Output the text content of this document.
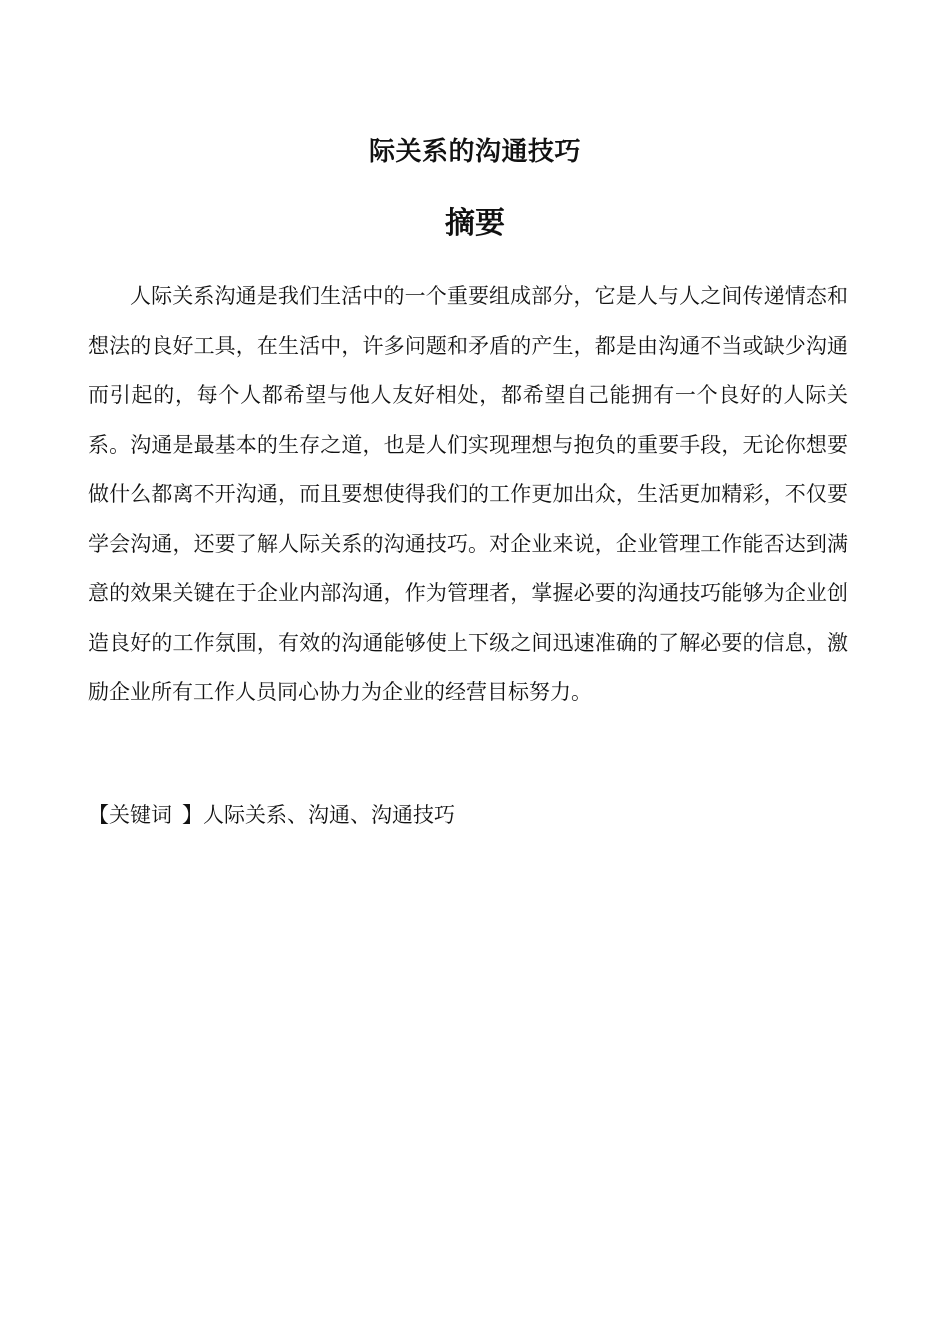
际关系的沟通技巧
摘要

人际关系沟通是我们生活中的一个重要组成部分，它是人与人之间传递情态和想法的良好工具，在生活中，许多问题和矛盾的产生，都是由沟通不当或缺少沟通而引起的，每个人都希望与他人友好相处，都希望自己能拥有一个良好的人际关系。沟通是最基本的生存之道，也是人们实现理想与抱负的重要手段，无论你想要做什么都离不开沟通，而且要想使得我们的工作更加出众，生活更加精彩，不仅要学会沟通，还要了解人际关系的沟通技巧。对企业来说，企业管理工作能否达到满意的效果关键在于企业内部沟通，作为管理者，掌握必要的沟通技巧能够为企业创造良好的工作氛围，有效的沟通能够使上下级之间迅速准确的了解必要的信息，激励企业所有工作人员同心协力为企业的经营目标努力。

【关键词 】人际关系、沟通、沟通技巧
